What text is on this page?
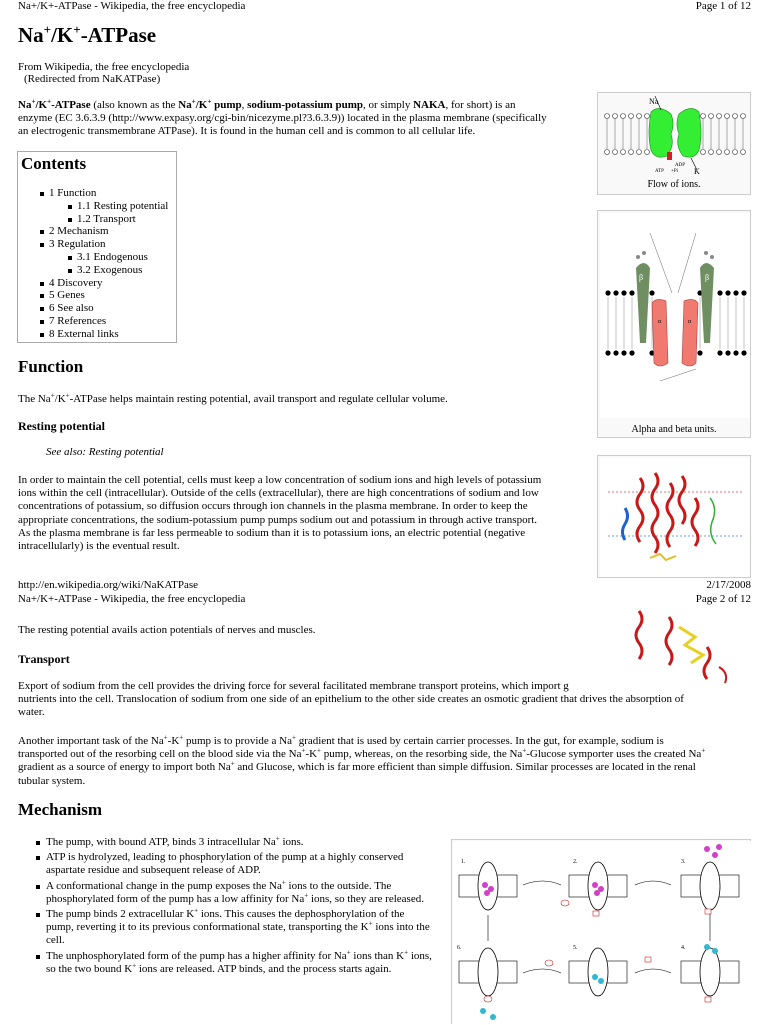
Na+/K+-ATPase - Wikipedia, the free encyclopedia	Page 1 of 12
Na+/K+-ATPase
From Wikipedia, the free encyclopedia
(Redirected from NaKATPase)

Na+/K+-ATPase (also known as the Na+/K+ pump, sodium-potassium pump, or simply NAKA, for short) is an

enzyme (EC 3.6.3.9 (http://www.expasy.org/cgi-bin/nicezyme.pl?3.6.3.9)) located in the plasma membrane (specifically

an electrogenic transmembrane ATPase). It is found in the human cell and is common to all cellular life.

Contents
1 Function
1.1 Resting potential
1.2 Transport
2 Mechanism
3 Regulation
3.1 Endogenous
3.2 Exogenous
4 Discovery
5 Genes
6 See also
7 References
8 External links
Function

The Na+/K+-ATPase helps maintain resting potential, avail transport and regulate cellular volume.

Resting potential
See also: Resting potential

In order to maintain the cell potential, cells must keep a low concentration of sodium ions and high levels of potassium

ions within the cell (intracellular). Outside of the cells (extracellular), there are high concentrations of sodium and low

concentrations of potassium, so diffusion occurs through ion channels in the plasma membrane. In order to keep the

appropriate concentrations, the sodium-potassium pump pumps sodium out and potassium in through active transport.

As the plasma membrane is far less permeable to sodium than it is to potassium ions, an electric potential (negative

intracellularly) is the eventual result.

http://en.wikipedia.org/wiki/NaKATPase	2/17/2008
Na+/K+-ATPase - Wikipedia, the free encyclopedia	Page 2 of 12

The resting potential avails action potentials of nerves and muscles.

Transport

Export of sodium from the cell provides the driving force for several facilitated membrane transport proteins, which import g

nutrients into the cell. Translocation of sodium from one side of an epithelium to the other side creates an osmotic gradient that drives the absorption of

water.

Another important task of the Na+-K+ pump is to provide a Na+ gradient that is used by certain carrier processes. In the gut, for example, sodium is

transported out of the resorbing cell on the blood side via the Na+-K+ pump, whereas, on the resorbing side, the Na+-Glucose symporter uses the created Na+

gradient as a source of energy to import both Na+ and Glucose, which is far more efficient than simple diffusion. Similar processes are located in the renal

tubular system.

Mechanism
The pump, with bound ATP, binds 3 intracellular Na+ ions.
ATP is hydrolyzed, leading to phosphorylation of the pump at a highly conserved aspartate residue and subsequent release of ADP.
A conformational change in the pump exposes the Na+ ions to the outside. The phosphorylated form of the pump has a low affinity for Na+ ions, so they are released.
The pump binds 2 extracellular K+ ions. This causes the dephosphorylation of the pump, reverting it to its previous conformational state, transporting the K+ ions into the cell.
The unphosphorylated form of the pump has a higher affinity for Na+ ions than K+ ions, so the two bound K+ ions are released. ATP binds, and the process starts again.
Na
K
ADP
ATP +Pi
Flow of ions.
β	β
α	α
Alpha and beta units.
1.	2.	3.
4.
5.
6.
